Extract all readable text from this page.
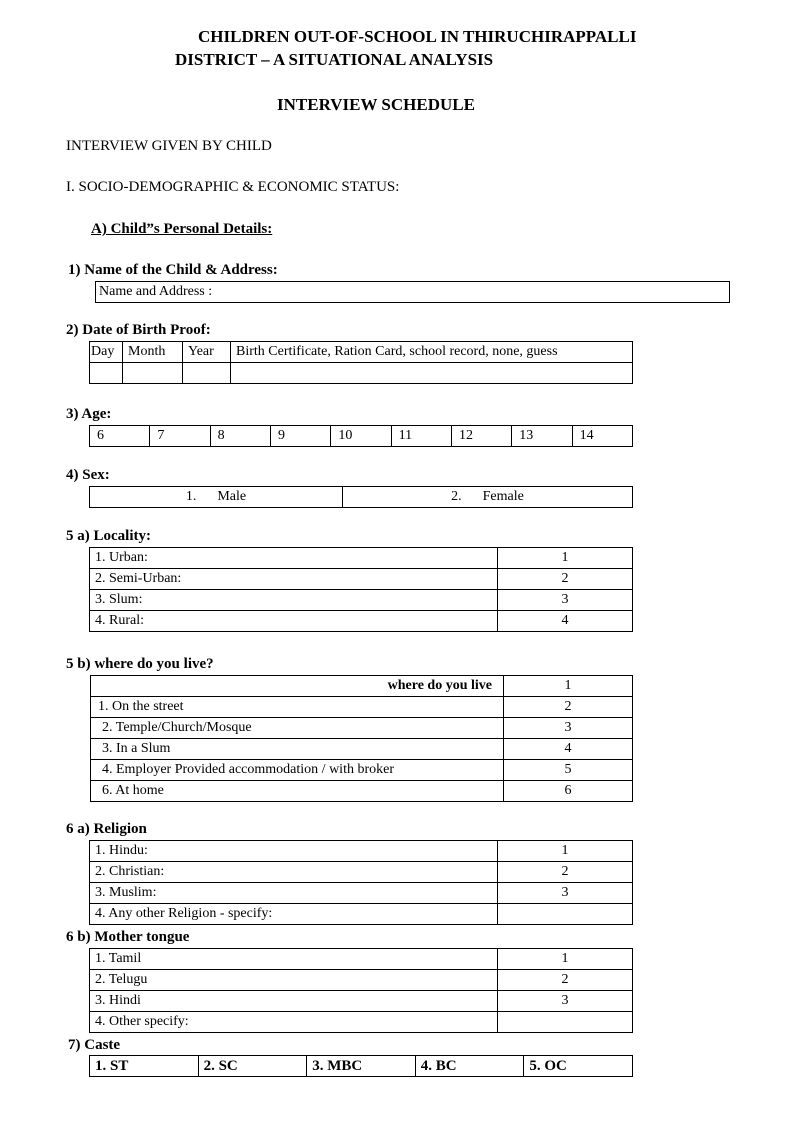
CHILDREN OUT-OF-SCHOOL IN THIRUCHIRAPPALLI
DISTRICT – A SITUATIONAL ANALYSIS
INTERVIEW SCHEDULE
INTERVIEW GIVEN BY CHILD
I. SOCIO-DEMOGRAPHIC & ECONOMIC STATUS:
A) Child”s Personal Details:
1) Name of the Child & Address:
Name and Address :
2) Date of Birth Proof:
Day	Month	Year	Birth Certificate, Ration Card, school record, none, guess

3) Age:
6	7	8	9	10	11	12	13	14
4) Sex:
1.      Male	2.      Female
5 a) Locality:
1. Urban:	1
2. Semi-Urban:	2
3. Slum:	3
4. Rural:	4
5 b) where do you live?
where do you live	1
1. On the street	2
2. Temple/Church/Mosque	3
3. In a Slum	4
4. Employer Provided accommodation / with broker	5
6. At home	6
6 a) Religion
1. Hindu:	1
2. Christian:	2
3. Muslim:	3
4. Any other Religion - specify:	
6 b) Mother tongue
1. Tamil	1
2. Telugu	2
3. Hindi	3
4. Other specify:	
7) Caste
1. ST	2. SC	3. MBC	4. BC	5. OC
